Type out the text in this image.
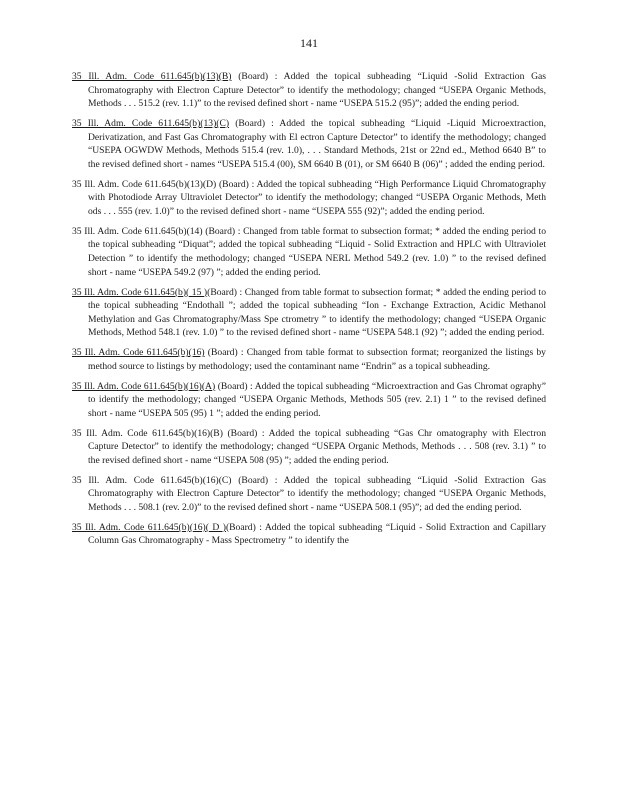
141

35 Ill. Adm. Code 611.645(b)(13)(B) (Board) : Added the topical subheading “Liquid -Solid Extraction Gas Chromatography with Electron Capture Detector” to identify the methodology; changed “USEPA Organic Methods, Methods . . . 515.2 (rev. 1.1)” to the revised defined short - name “USEPA 515.2 (95)”; added the ending period.

35 Ill. Adm. Code 611.645(b)(13)(C) (Board) : Added the topical subheading “Liquid -Liquid Microextraction, Derivatization, and Fast Gas Chromatography with El ectron Capture Detector” to identify the methodology; changed “USEPA OGWDW Methods, Methods 515.4 (rev. 1.0), . . . Standard Methods, 21st or 22nd ed., Method 6640 B” to the revised defined short - names “USEPA 515.4 (00), SM 6640 B (01), or SM 6640 B (06)” ; added the ending period.

35 Ill. Adm. Code 611.645(b)(13)(D) (Board) : Added the topical subheading “High Performance Liquid Chromatography with Photodiode Array Ultraviolet Detector” to identify the methodology; changed “USEPA Organic Methods, Meth ods . . . 555 (rev. 1.0)” to the revised defined short - name “USEPA 555 (92)”; added the ending period.

35 Ill. Adm. Code 611.645(b)(14) (Board) : Changed from table format to subsection format; * added the ending period to the topical subheading “Diquat”; added the topical subheading “Liquid - Solid Extraction and HPLC with Ultraviolet Detection ” to identify the methodology; changed “USEPA NERL Method 549.2 (rev. 1.0) ” to the revised defined short - name “USEPA 549.2 (97) ”; added the ending period.

35 Ill. Adm. Code 611.645(b)( 15 )(Board) : Changed from table format to subsection format; * added the ending period to the topical subheading “Endothall ”; added the topical subheading “Ion - Exchange Extraction, Acidic Methanol Methylation and Gas Chromatography/Mass Spe ctrometry ” to identify the methodology; changed “USEPA Organic Methods, Method 548.1 (rev. 1.0) ” to the revised defined short - name “USEPA 548.1 (92) ”; added the ending period.

35 Ill. Adm. Code 611.645(b)(16) (Board) : Changed from table format to subsection format; reorganized the listings by method source to listings by methodology; used the contaminant name “Endrin” as a topical subheading.

35 Ill. Adm. Code 611.645(b)(16)(A) (Board) : Added the topical subheading “Microextraction and Gas Chromat ography” to identify the methodology; changed “USEPA Organic Methods, Methods 505 (rev. 2.1) 1 ” to the revised defined short - name “USEPA 505 (95) 1 ”; added the ending period.

35 Ill. Adm. Code 611.645(b)(16)(B) (Board) : Added the topical subheading “Gas Chr omatography with Electron Capture Detector” to identify the methodology; changed “USEPA Organic Methods, Methods . . . 508 (rev. 3.1) ” to the revised defined short - name “USEPA 508 (95) ”; added the ending period.

35 Ill. Adm. Code 611.645(b)(16)(C) (Board) : Added the topical subheading “Liquid -Solid Extraction Gas Chromatography with Electron Capture Detector” to identify the methodology; changed “USEPA Organic Methods, Methods . . . 508.1 (rev. 2.0)” to the revised defined short - name “USEPA 508.1 (95)”; ad ded the ending period.

35 Ill. Adm. Code 611.645(b)(16)( D )(Board) : Added the topical subheading “Liquid - Solid Extraction and Capillary Column Gas Chromatography - Mass Spectrometry ” to identify the
